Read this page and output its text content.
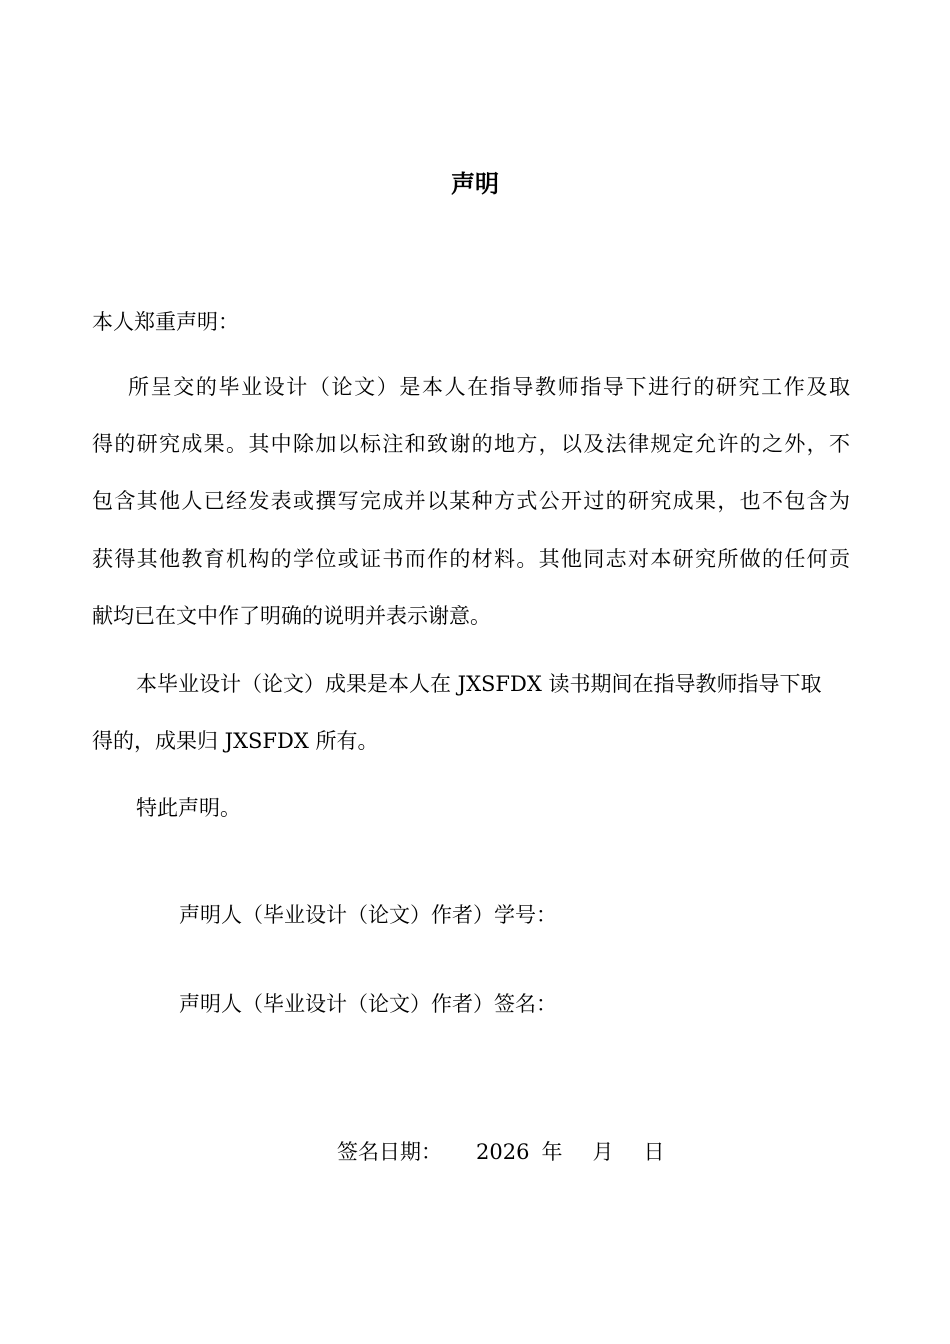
声明
本人郑重声明：
所呈交的毕业设计（论文）是本人在指导教师指导下进行的研究工作及取
得的研究成果。其中除加以标注和致谢的地方，以及法律规定允许的之外，不
包含其他人已经发表或撰写完成并以某种方式公开过的研究成果，也不包含为
获得其他教育机构的学位或证书而作的材料。其他同志对本研究所做的任何贡
献均已在文中作了明确的说明并表示谢意。
本毕业设计（论文）成果是本人在 JXSFDX 读书期间在指导教师指导下取
得的，成果归 JXSFDX 所有。
特此声明。
声明人（毕业设计（论文）作者）学号：
声明人（毕业设计（论文）作者）签名：
签名日期： 2026 年 月 日
